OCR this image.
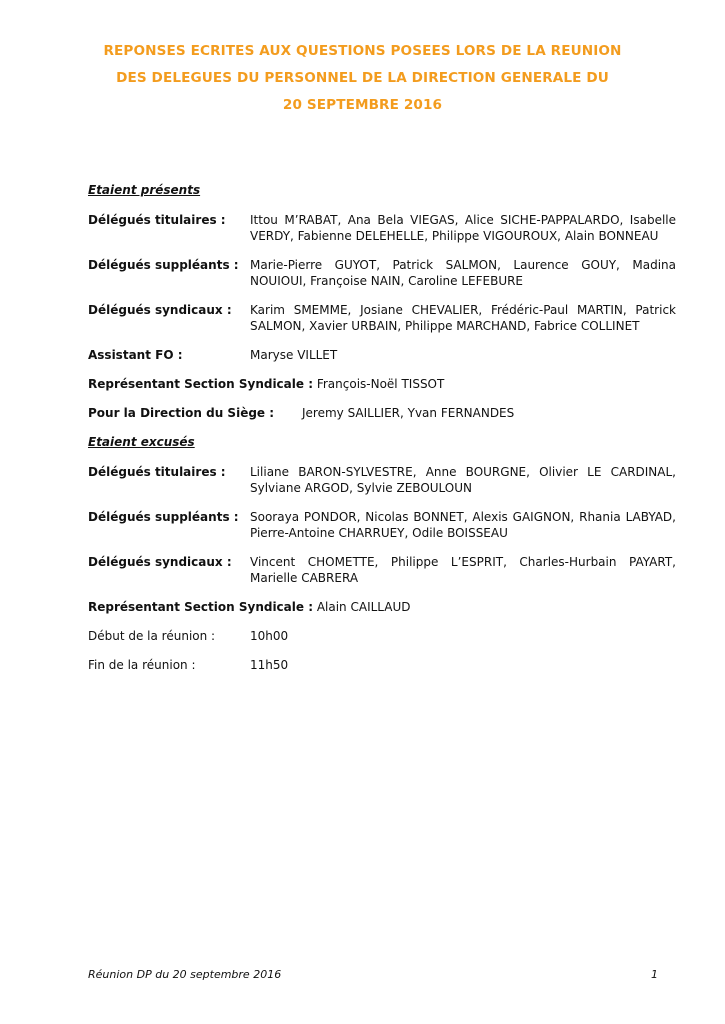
REPONSES ECRITES AUX QUESTIONS POSEES LORS DE LA REUNION
DES DELEGUES DU PERSONNEL DE LA DIRECTION GENERALE DU
20 SEPTEMBRE 2016

Etaient présents

Délégués titulaires :	Ittou M’RABAT, Ana Bela VIEGAS, Alice SICHE-PAPPALARDO, Isabelle VERDY, Fabienne DELEHELLE, Philippe VIGOUROUX, Alain BONNEAU
Délégués suppléants : Marie-Pierre GUYOT, Patrick SALMON, Laurence GOUY, Madina NOUIOUI, Françoise NAIN, Caroline LEFEBURE
Délégués syndicaux :	Karim SMEMME, Josiane CHEVALIER, Frédéric-Paul MARTIN, Patrick SALMON, Xavier URBAIN, Philippe MARCHAND, Fabrice COLLINET
Assistant FO :	Maryse VILLET
Représentant Section Syndicale : François-Noël TISSOT
Pour la Direction du Siège : Jeremy SAILLIER, Yvan FERNANDES

Etaient excusés

Délégués titulaires :	Liliane BARON-SYLVESTRE, Anne BOURGNE, Olivier LE CARDINAL, Sylviane ARGOD, Sylvie ZEBOULOUN
Délégués suppléants : Sooraya PONDOR, Nicolas BONNET, Alexis GAIGNON, Rhania LABYAD, Pierre-Antoine CHARRUEY, Odile BOISSEAU
Délégués syndicaux :	Vincent CHOMETTE, Philippe L’ESPRIT, Charles-Hurbain PAYART, Marielle CABRERA
Représentant Section Syndicale : Alain CAILLAUD
Début de la réunion :	10h00
Fin de la réunion :	11h50
Réunion DP du 20 septembre 2016	1
